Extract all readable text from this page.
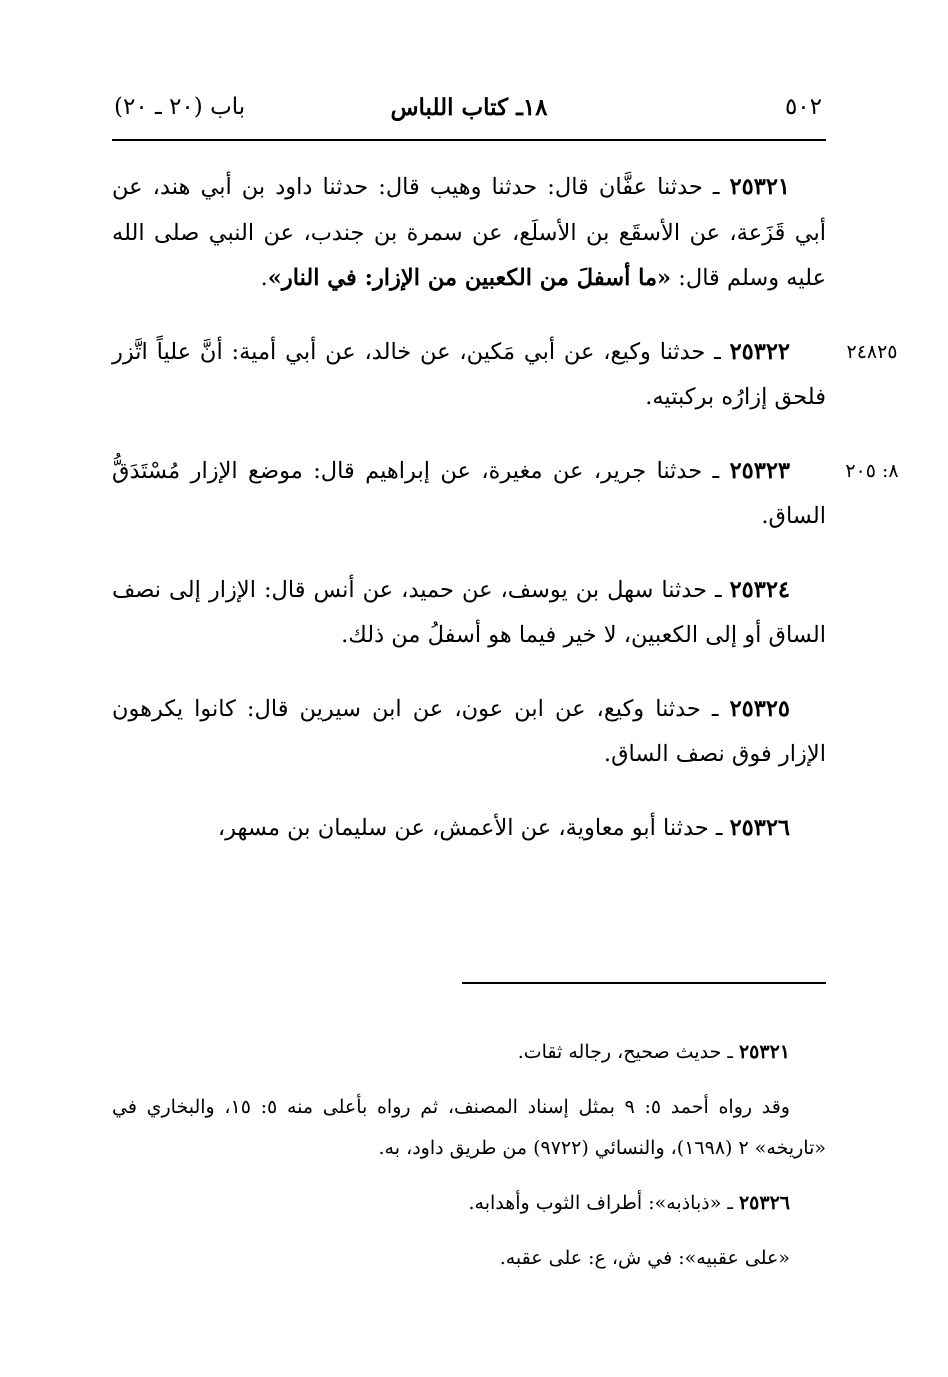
٥٠٢
١٨ـ كتاب اللباس
باب (٢٠ ـ ٢٠)

٢٥٣٢١ ـ حدثنا عفَّان قال: حدثنا وهيب قال: حدثنا داود بن أبي هند، عن أبي قَزَعة، عن الأسقَع بن الأسلَع، عن سمرة بن جندب، عن النبي صلى الله عليه وسلم قال: «ما أسفلَ من الكعبين من الإزار: في النار».

٢٤٨٢٥

٢٥٣٢٢ ـ حدثنا وكيع، عن أبي مَكين، عن خالد، عن أبي أمية: أنَّ علياً اتَّزر فلحق إزارُه بركبتيه.

٨: ٢٠٥

٢٥٣٢٣ ـ حدثنا جرير، عن مغيرة، عن إبراهيم قال: موضع الإزار مُسْتَدَقُّ الساق.

٢٥٣٢٤ ـ حدثنا سهل بن يوسف، عن حميد، عن أنس قال: الإزار إلى نصف الساق أو إلى الكعبين، لا خير فيما هو أسفلُ من ذلك.

٢٥٣٢٥ ـ حدثنا وكيع، عن ابن عون، عن ابن سيرين قال: كانوا يكرهون الإزار فوق نصف الساق.

٢٥٣٢٦ ـ حدثنا أبو معاوية، عن الأعمش، عن سليمان بن مسهر،

٢٥٣٢١ ـ حديث صحيح، رجاله ثقات.

وقد رواه أحمد ٥: ٩ بمثل إسناد المصنف، ثم رواه بأعلى منه ٥: ١٥، والبخاري في «تاريخه» ٢ (١٦٩٨)، والنسائي (٩٧٢٢) من طريق داود، به.

٢٥٣٢٦ ـ «ذباذبه»: أطراف الثوب وأهدابه.

«على عقبيه»: في ش، ع: على عقبه.
